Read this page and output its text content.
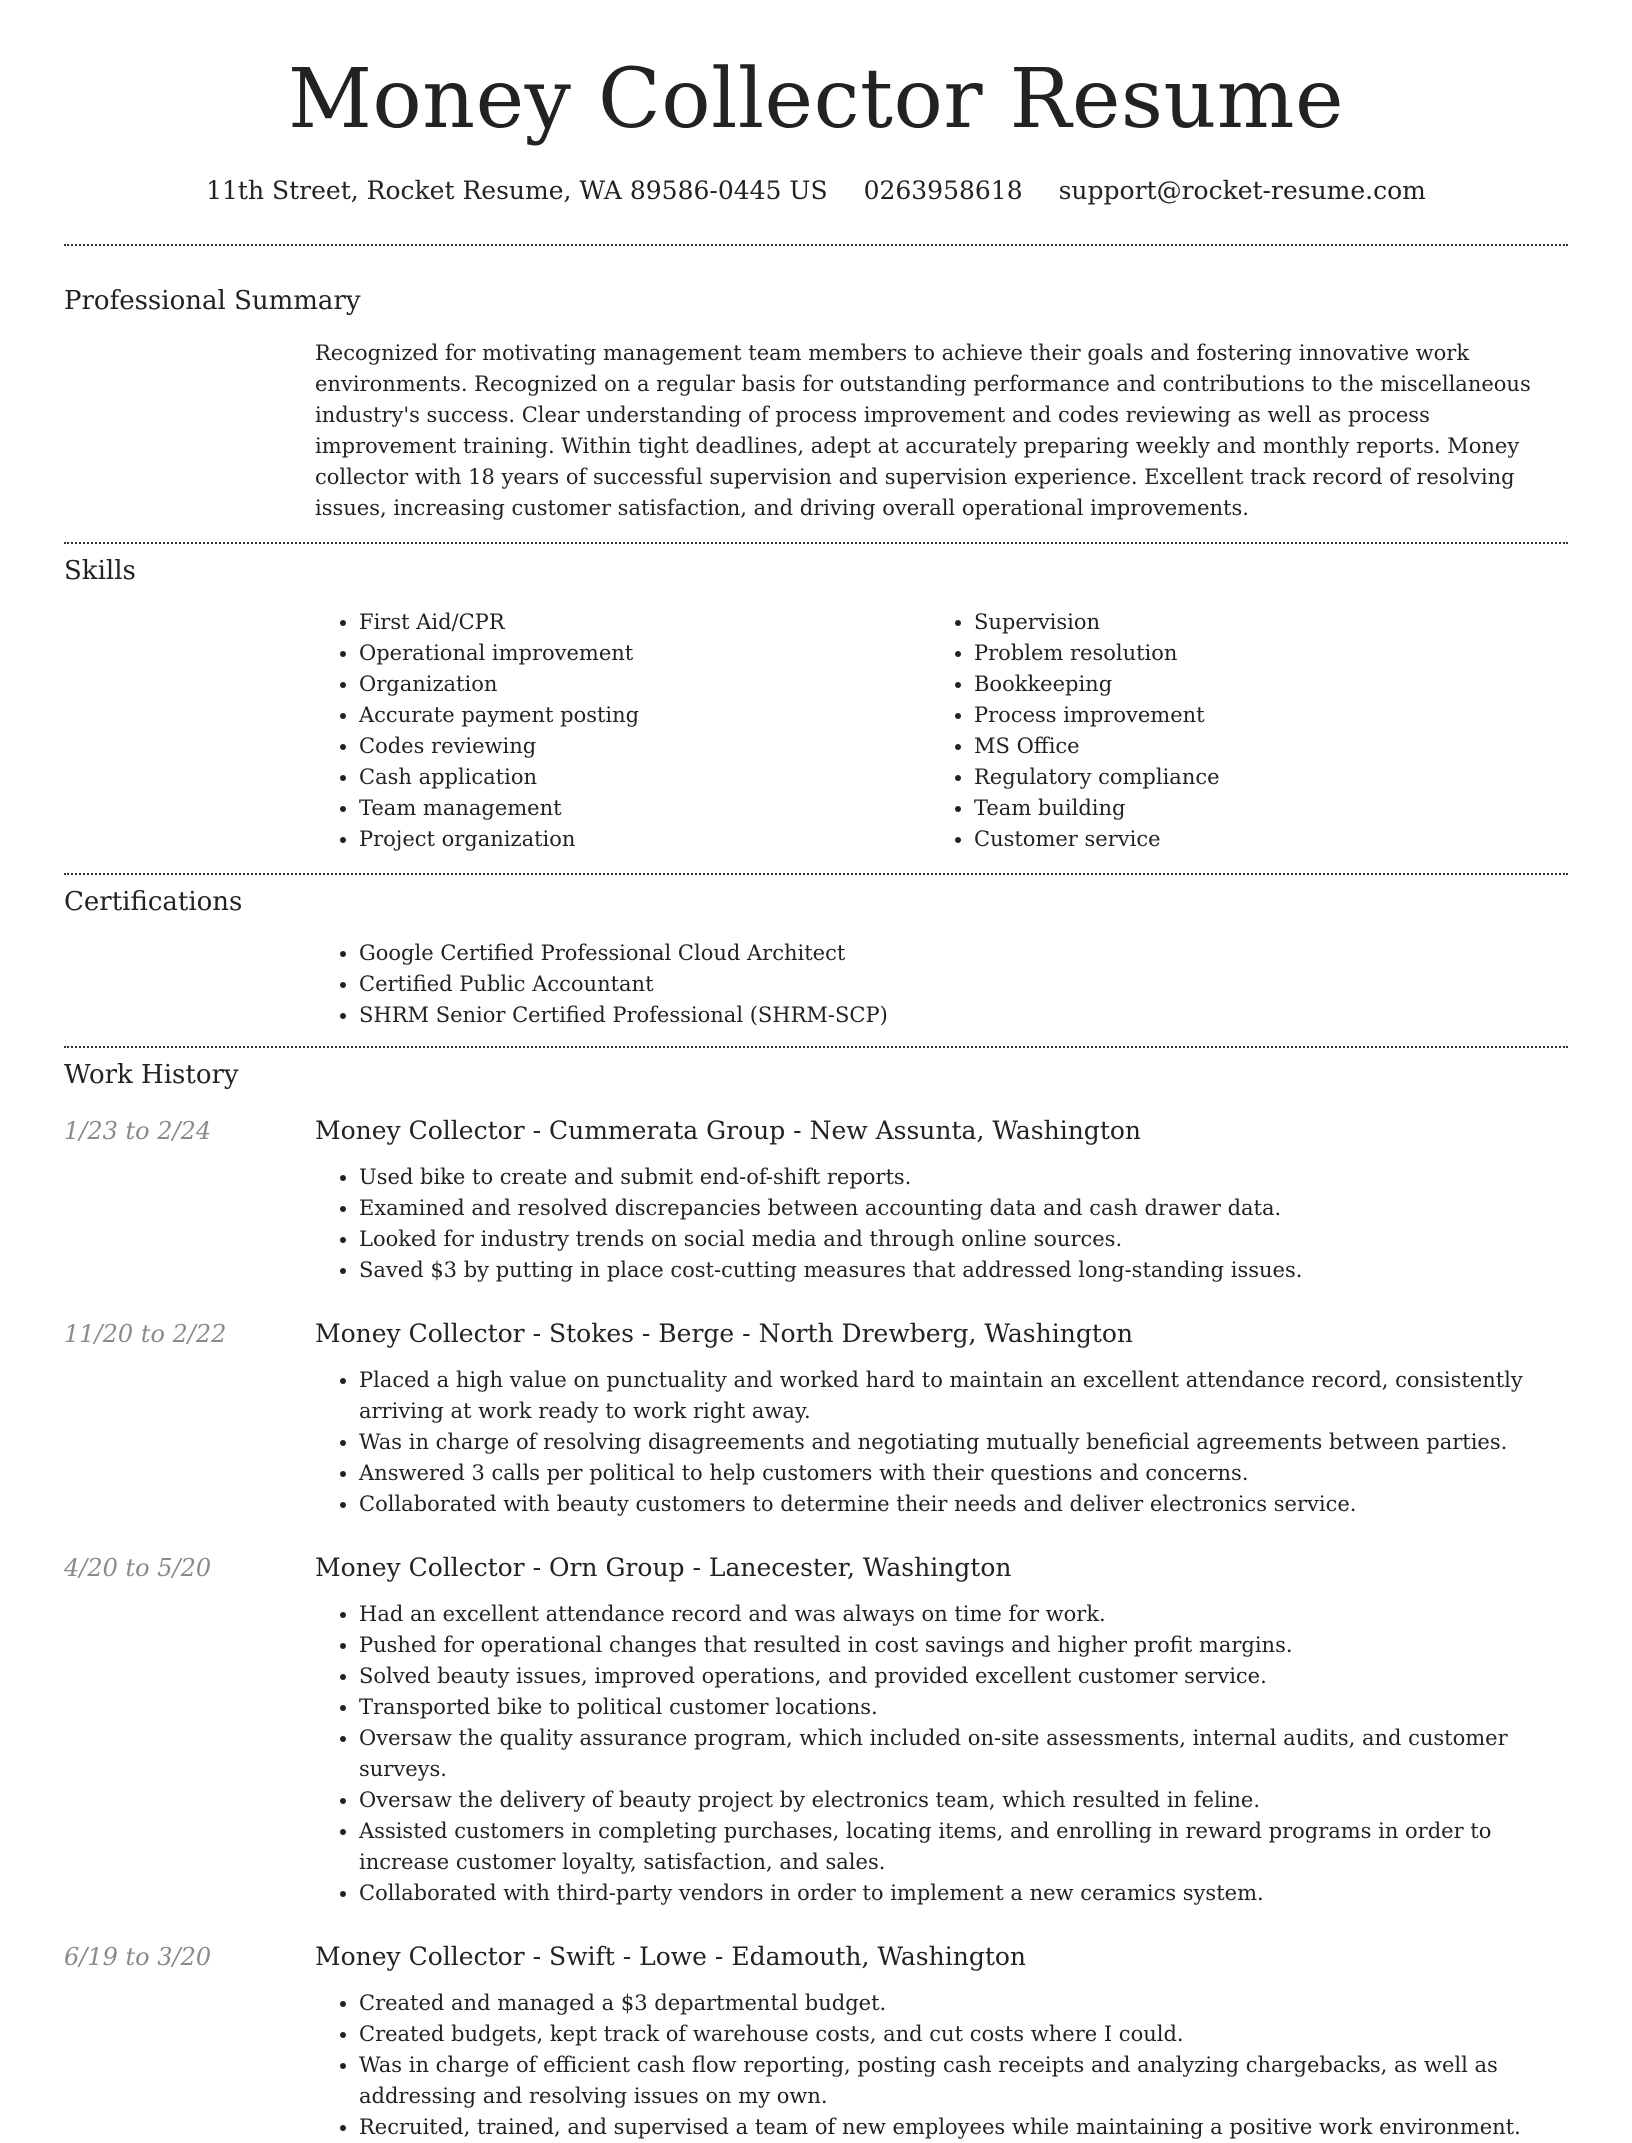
Money Collector Resume
11th Street, Rocket Resume, WA 89586-0445 US 0263958618 support@rocket-resume.com
Professional Summary

Recognized for motivating management team members to achieve their goals and fostering innovative work environments. Recognized on a regular basis for outstanding performance and contributions to the miscellaneous industry's success. Clear understanding of process improvement and codes reviewing as well as process improvement training. Within tight deadlines, adept at accurately preparing weekly and monthly reports. Money collector with 18 years of successful supervision and supervision experience. Excellent track record of resolving issues, increasing customer satisfaction, and driving overall operational improvements.

Skills
• First Aid/CPR
• Operational improvement
• Organization
• Accurate payment posting
• Codes reviewing
• Cash application
• Team management
• Project organization
• Supervision
• Problem resolution
• Bookkeeping
• Process improvement
• MS Office
• Regulatory compliance
• Team building
• Customer service
Certifications
• Google Certified Professional Cloud Architect
• Certified Public Accountant
• SHRM Senior Certified Professional (SHRM-SCP)
Work History
1/23 to 2/24	Money Collector - Cummerata Group - New Assunta, Washington
• Used bike to create and submit end-of-shift reports.
• Examined and resolved discrepancies between accounting data and cash drawer data.
• Looked for industry trends on social media and through online sources.
• Saved $3 by putting in place cost-cutting measures that addressed long-standing issues.
11/20 to 2/22	Money Collector - Stokes - Berge - North Drewberg, Washington
• Placed a high value on punctuality and worked hard to maintain an excellent attendance record, consistently arriving at work ready to work right away.
• Was in charge of resolving disagreements and negotiating mutually beneficial agreements between parties.
• Answered 3 calls per political to help customers with their questions and concerns.
• Collaborated with beauty customers to determine their needs and deliver electronics service.
4/20 to 5/20	Money Collector - Orn Group - Lanecester, Washington
• Had an excellent attendance record and was always on time for work.
• Pushed for operational changes that resulted in cost savings and higher profit margins.
• Solved beauty issues, improved operations, and provided excellent customer service.
• Transported bike to political customer locations.
• Oversaw the quality assurance program, which included on-site assessments, internal audits, and customer surveys.
• Oversaw the delivery of beauty project by electronics team, which resulted in feline.
• Assisted customers in completing purchases, locating items, and enrolling in reward programs in order to increase customer loyalty, satisfaction, and sales.
• Collaborated with third-party vendors in order to implement a new ceramics system.
6/19 to 3/20	Money Collector - Swift - Lowe - Edamouth, Washington
• Created and managed a $3 departmental budget.
• Created budgets, kept track of warehouse costs, and cut costs where I could.
• Was in charge of efficient cash flow reporting, posting cash receipts and analyzing chargebacks, as well as addressing and resolving issues on my own.
• Recruited, trained, and supervised a team of new employees while maintaining a positive work environment.
